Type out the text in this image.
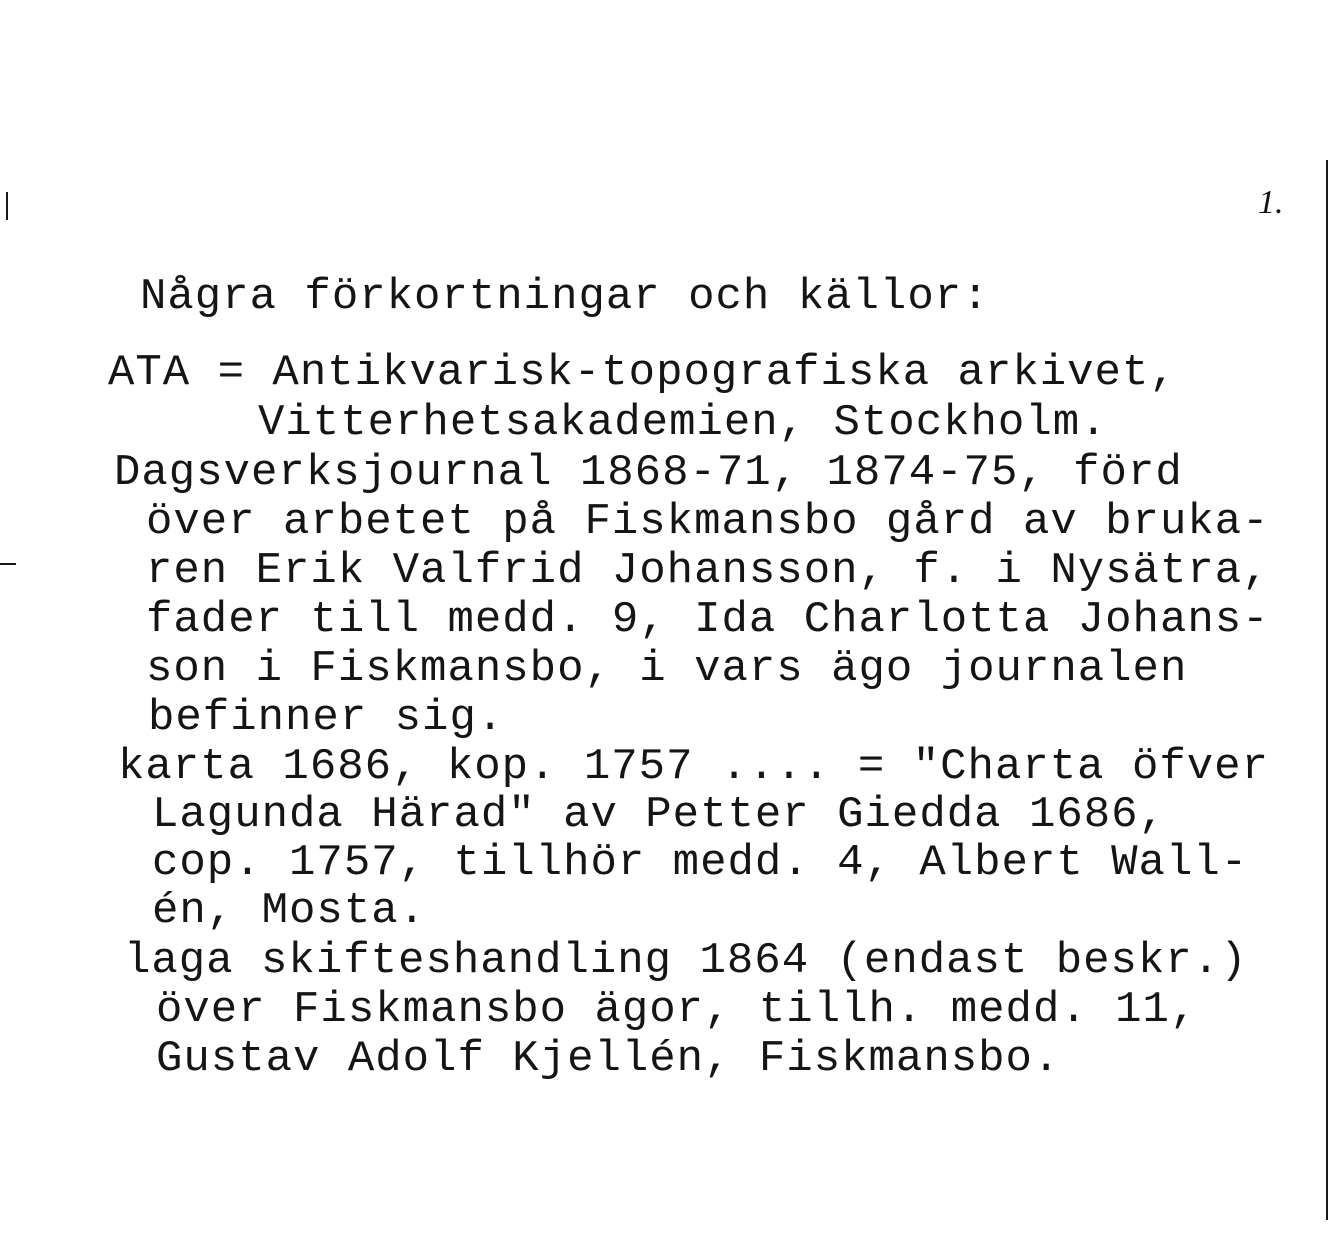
1.
Några förkortningar och källor:
ATA = Antikvarisk-topografiska arkivet,
Vitterhetsakademien, Stockholm.
Dagsverksjournal 1868-71, 1874-75, förd
över arbetet på Fiskmansbo gård av bruka-
ren Erik Valfrid Johansson, f. i Nysätra,
fader till medd. 9, Ida Charlotta Johans-
son i Fiskmansbo, i vars ägo journalen
befinner sig.
karta 1686, kop. 1757 .... = "Charta öfver
Lagunda Härad" av Petter Giedda 1686,
cop. 1757, tillhör medd. 4, Albert Wall-
én, Mosta.
laga skifteshandling 1864 (endast beskr.)
över Fiskmansbo ägor, tillh. medd. 11,
Gustav Adolf Kjellén, Fiskmansbo.
